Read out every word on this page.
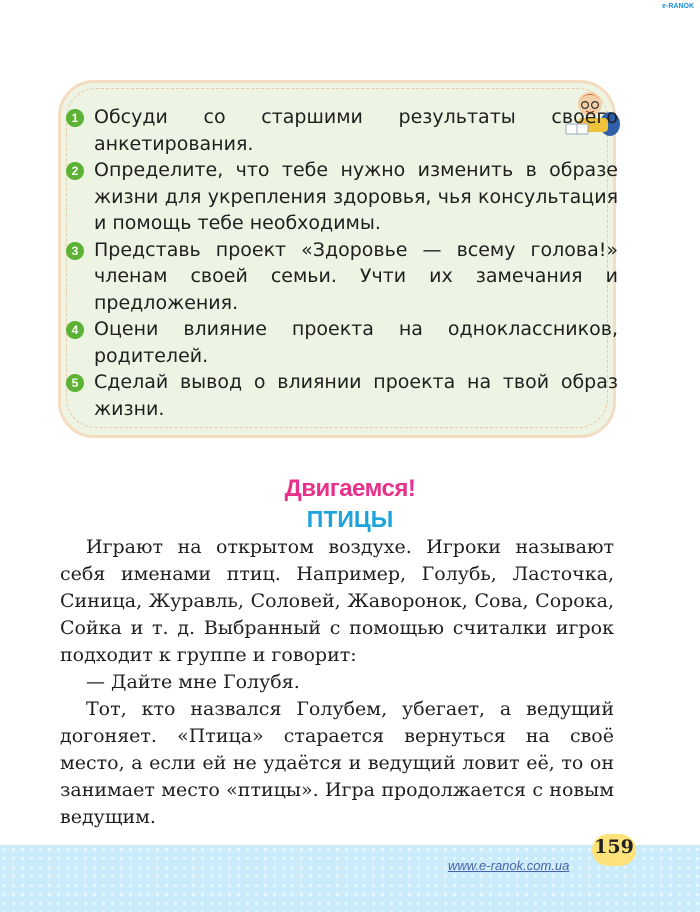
e-RANOK
1 Обсуди со старшими результаты своего анкетирования.
2 Определите, что тебе нужно изменить в образе жизни для укрепления здоровья, чья консультация и помощь тебе необходимы.
3 Представь проект «Здоровье — всему голова!» членам своей семьи. Учти их замечания и предложения.
4 Оцени влияние проекта на одноклассников, родителей.
5 Сделай вывод о влиянии проекта на твой образ жизни.
Двигаемся!
ПТИЦЫ

Играют на открытом воздухе. Игроки называют себя именами птиц. Например, Голубь, Ласточка, Синица, Журавль, Соловей, Жаворонок, Сова, Сорока, Сойка и т. д. Выбранный с помощью считалки игрок подходит к группе и говорит:

— Дайте мне Голубя.

Тот, кто назвался Голубем, убегает, а ведущий догоняет. «Птица» старается вернуться на своё место, а если ей не удаётся и ведущий ловит её, то он занимает место «птицы». Игра продолжается с новым ведущим.

159
www.e-ranok.com.ua
